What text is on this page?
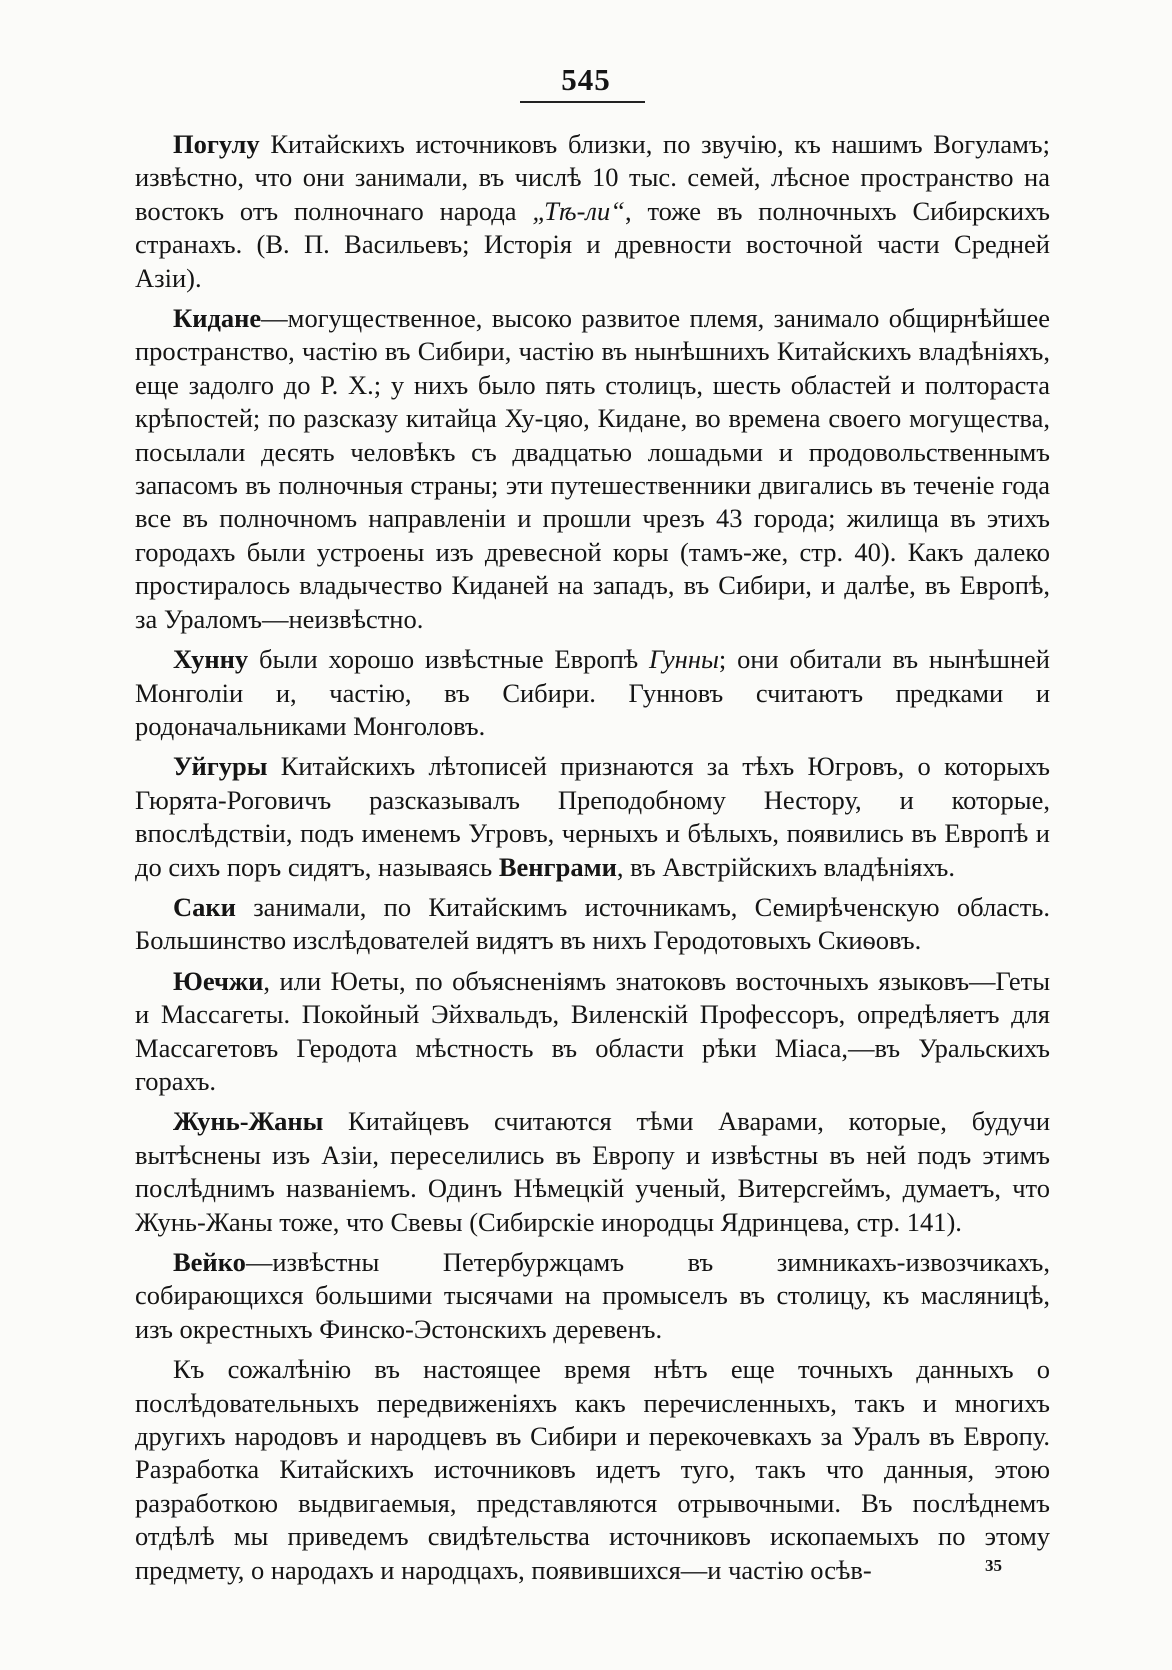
545

Погулу Китайскихъ источниковъ близки, по звучію, къ нашимъ Вогуламъ; извѣстно, что они занимали, въ числѣ 10 тыс. семей, лѣсное пространство на востокъ отъ полночнаго народа „Тѣ-ли“, тоже въ полночныхъ Сибирскихъ странахъ. (В. П. Васильевъ; Исторія и древности восточной части Средней Азіи).

Кидане—могущественное, высоко развитое племя, занимало общирнѣйшее пространство, частію въ Сибири, частію въ нынѣшнихъ Китайскихъ владѣніяхъ, еще задолго до Р. Х.; у нихъ было пять столицъ, шесть областей и полтораста крѣпостей; по разсказу китайца Ху-цяо, Кидане, во времена своего могущества, посылали десять человѣкъ съ двадцатью лошадьми и продовольственнымъ запасомъ въ полночныя страны; эти путешественники двигались въ теченіе года все въ полночномъ направленіи и прошли чрезъ 43 города; жилища въ этихъ городахъ были устроены изъ древесной коры (тамъ-же, стр. 40). Какъ далеко простиралось владычество Киданей на западъ, въ Сибири, и далѣе, въ Европѣ, за Ураломъ—неизвѣстно.

Хунну были хорошо извѣстные Европѣ Гунны; они обитали въ нынѣшней Монголіи и, частію, въ Сибири. Гунновъ считаютъ предками и родоначальниками Монголовъ.

Уйгуры Китайскихъ лѣтописей признаются за тѣхъ Югровъ, о которыхъ Гюрята-Роговичъ разсказывалъ Преподобному Нестору, и которые, впослѣдствіи, подъ именемъ Угровъ, черныхъ и бѣлыхъ, появились въ Европѣ и до сихъ поръ сидятъ, называясь Венграми, въ Австрійскихъ владѣніяхъ.

Саки занимали, по Китайскимъ источникамъ, Семирѣченскую область. Большинство изслѣдователей видятъ въ нихъ Геродотовыхъ Скиѳовъ.

Юечжи, или Юеты, по объясненіямъ знатоковъ восточныхъ языковъ—Геты и Массагеты. Покойный Эйхвальдъ, Виленскій Профессоръ, опредѣляетъ для Массагетовъ Геродота мѣстность въ области рѣки Міаса,—въ Уральскихъ горахъ.

Жунь-Жаны Китайцевъ считаются тѣми Аварами, которые, будучи вытѣснены изъ Азіи, переселились въ Европу и извѣстны въ ней подъ этимъ послѣднимъ названіемъ. Одинъ Нѣмецкій ученый, Витерсгеймъ, думаетъ, что Жунь-Жаны тоже, что Свевы (Сибирскіе инородцы Ядринцева, стр. 141).

Вейко—извѣстны Петербуржцамъ въ зимникахъ-извозчикахъ, собирающихся большими тысячами на промыселъ въ столицу, къ масляницѣ, изъ окрестныхъ Финско-Эстонскихъ деревенъ.

Къ сожалѣнію въ настоящее время нѣтъ еще точныхъ данныхъ о послѣдовательныхъ передвиженіяхъ какъ перечисленныхъ, такъ и многихъ другихъ народовъ и народцевъ въ Сибири и перекочевкахъ за Уралъ въ Европу. Разработка Китайскихъ источниковъ идетъ туго, такъ что данныя, этою разработкою выдвигаемыя, представляются отрывочными. Въ послѣднемъ отдѣлѣ мы приведемъ свидѣтельства источниковъ ископаемыхъ по этому предмету, о народахъ и народцахъ, появившихся—и частію осѣв-	35
